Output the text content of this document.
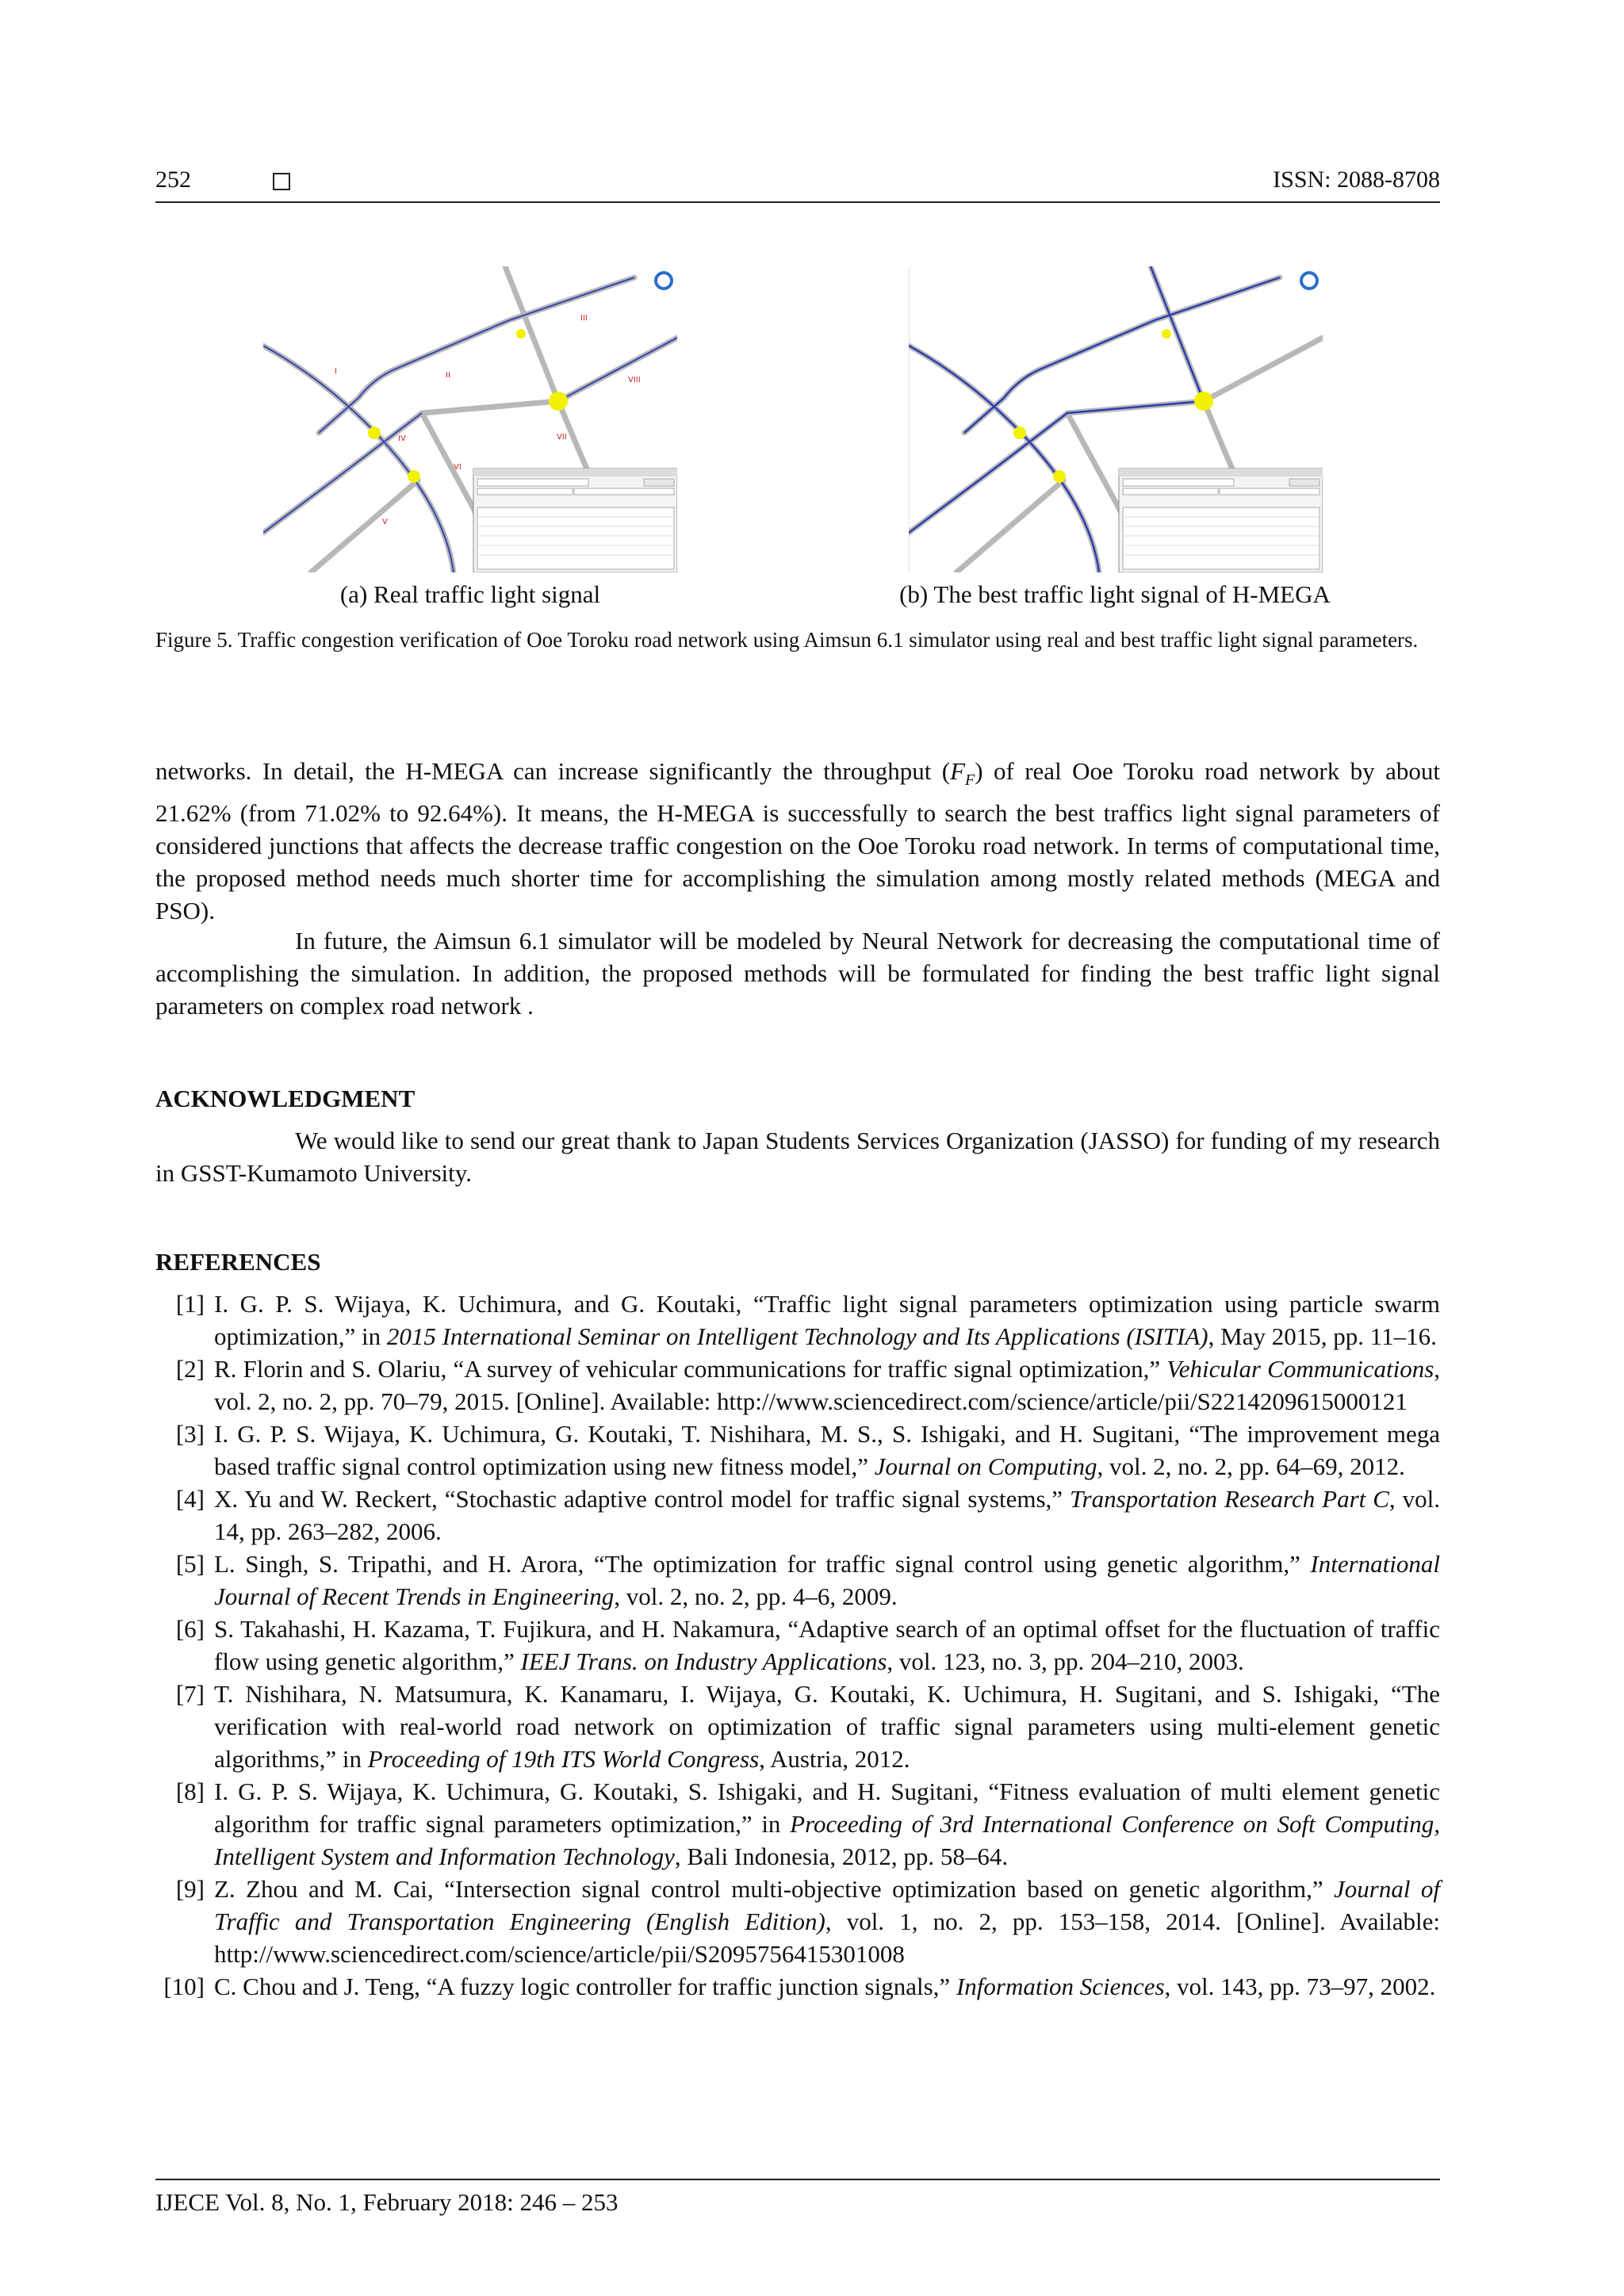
252	ISSN: 2088-8708
I	II
III
IV
V
VI
VII
VIII
(a) Real traffic light signal	(b) The best traffic light signal of H-MEGA
Figure 5. Traffic congestion verification of Ooe Toroku road network using Aimsun 6.1 simulator using real and best traffic light signal parameters.
networks. In detail, the H-MEGA can increase significantly the throughput $(F_F)$ of real Ooe Toroku road network by about 21.62% (from 71.02% to 92.64%). It means, the H-MEGA is successfully to search the best traffics light signal parameters of considered junctions that affects the decrease traffic congestion on the Ooe Toroku road network. In terms of computational time, the proposed method needs much shorter time for accomplishing the simulation among mostly related methods (MEGA and PSO).
In future, the Aimsun 6.1 simulator will be modeled by Neural Network for decreasing the computational time of accomplishing the simulation. In addition, the proposed methods will be formulated for finding the best traffic light signal parameters on complex road network .
ACKNOWLEDGMENT
We would like to send our great thank to Japan Students Services Organization (JASSO) for funding of my research in GSST-Kumamoto University.
REFERENCES
[1] I. G. P. S. Wijaya, K. Uchimura, and G. Koutaki, “Traffic light signal parameters optimization using particle swarm optimization,” in 2015 International Seminar on Intelligent Technology and Its Applications (ISITIA), May 2015, pp. 11–16.
[2] R. Florin and S. Olariu, “A survey of vehicular communications for traffic signal optimization,” Vehicular Communications, vol. 2, no. 2, pp. 70–79, 2015. [Online]. Available: http://www.sciencedirect.com/science/article/pii/S2214209615000121
[3] I. G. P. S. Wijaya, K. Uchimura, G. Koutaki, T. Nishihara, M. S., S. Ishigaki, and H. Sugitani, “The improvement mega based traffic signal control optimization using new fitness model,” Journal on Computing, vol. 2, no. 2, pp. 64–69, 2012.
[4] X. Yu and W. Reckert, “Stochastic adaptive control model for traffic signal systems,” Transportation Research Part C, vol. 14, pp. 263–282, 2006.
[5] L. Singh, S. Tripathi, and H. Arora, “The optimization for traffic signal control using genetic algorithm,” International Journal of Recent Trends in Engineering, vol. 2, no. 2, pp. 4–6, 2009.
[6] S. Takahashi, H. Kazama, T. Fujikura, and H. Nakamura, “Adaptive search of an optimal offset for the fluctuation of traffic flow using genetic algorithm,” IEEJ Trans. on Industry Applications, vol. 123, no. 3, pp. 204–210, 2003.
[7] T. Nishihara, N. Matsumura, K. Kanamaru, I. Wijaya, G. Koutaki, K. Uchimura, H. Sugitani, and S. Ishigaki, “The verification with real-world road network on optimization of traffic signal parameters using multi-element genetic algorithms,” in Proceeding of 19th ITS World Congress, Austria, 2012.
[8] I. G. P. S. Wijaya, K. Uchimura, G. Koutaki, S. Ishigaki, and H. Sugitani, “Fitness evaluation of multi element genetic algorithm for traffic signal parameters optimization,” in Proceeding of 3rd International Conference on Soft Computing, Intelligent System and Information Technology, Bali Indonesia, 2012, pp. 58–64.
[9] Z. Zhou and M. Cai, “Intersection signal control multi-objective optimization based on genetic algorithm,” Journal of Traffic and Transportation Engineering (English Edition), vol. 1, no. 2, pp. 153–158, 2014. [Online]. Available: http://www.sciencedirect.com/science/article/pii/S2095756415301008
[10] C. Chou and J. Teng, “A fuzzy logic controller for traffic junction signals,” Information Sciences, vol. 143, pp. 73–97, 2002.
IJECE Vol. 8, No. 1, February 2018: 246 – 253
